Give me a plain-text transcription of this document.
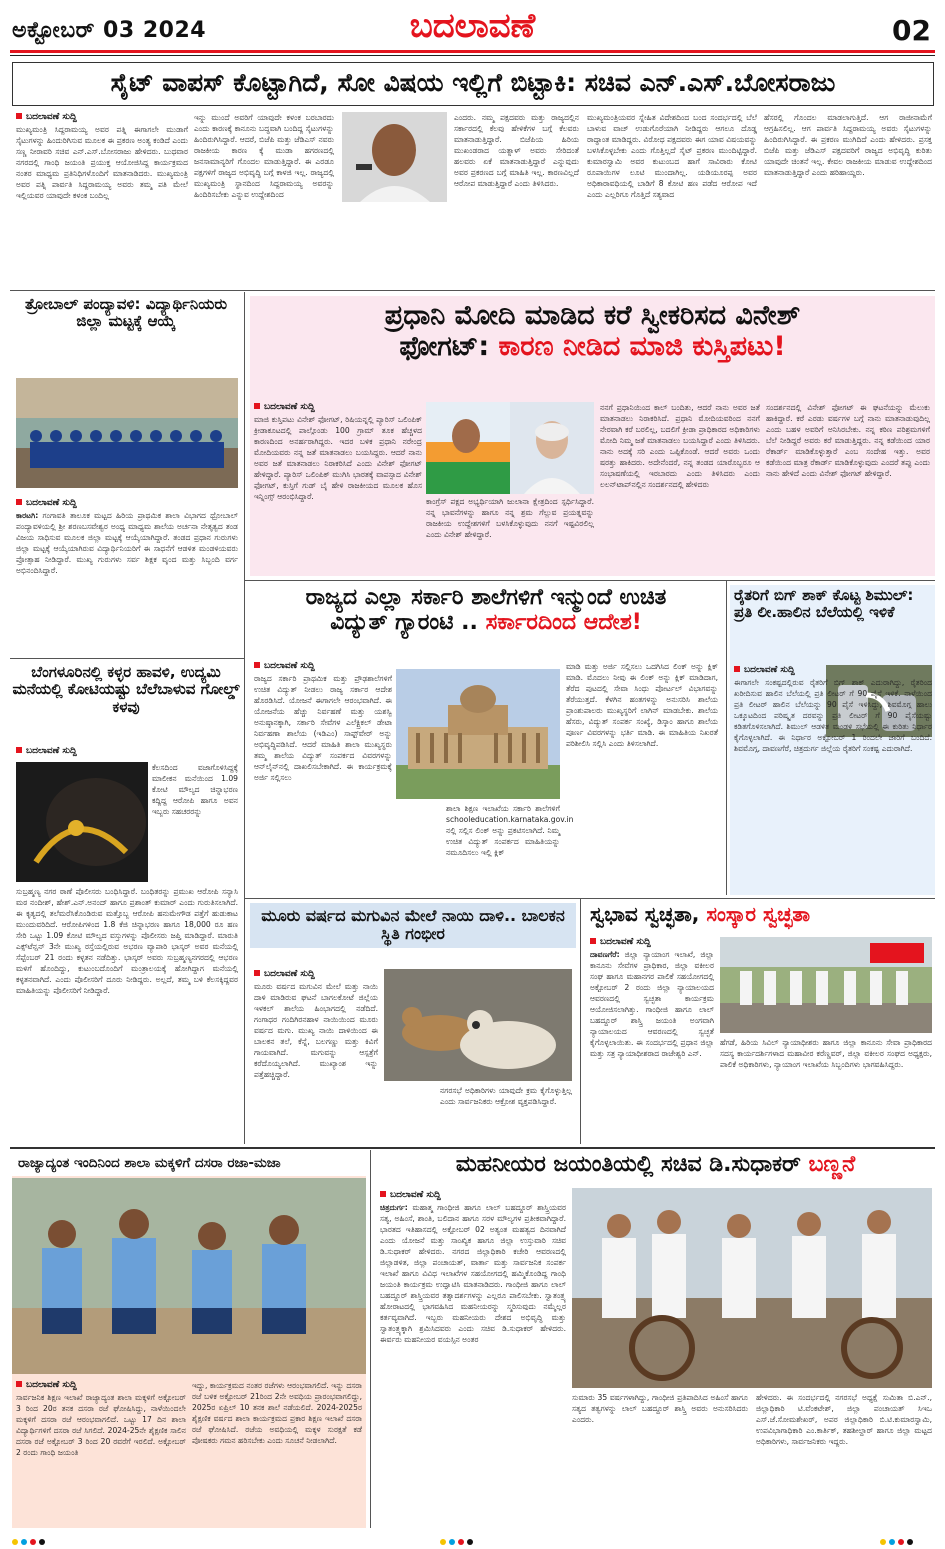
ಅಕ್ಟೋಬರ್ 03 2024	ಬದಲಾವಣೆ	02
ಸೈಟ್ ವಾಪಸ್ ಕೊಟ್ಟಾಗಿದೆ, ಸೋ ವಿಷಯ ಇಲ್ಲಿಗೆ ಬಿಟ್ಟಾಕಿ: ಸಚಿವ ಎನ್.ಎಸ್.ಬೋಸರಾಜು
ಬದಲಾವಣೆ ಸುದ್ದಿ
ಮುಖ್ಯಮಂತ್ರಿ ಸಿದ್ದರಾಮಯ್ಯ ಅವರ ಪತ್ನಿ ಈಗಾಗಲೇ ಮುಡಾಗೆ ಸೈಟುಗಳನ್ನು ಹಿಂದುರಿಗಿಸುವ ಮೂಲಕ ಈ ಪ್ರಕರಣ ಅಂತ್ಯ ಕಂಡಿದೆ ಎಂದು ಸಣ್ಣ ನೀರಾವರಿ ಸಚಿವ ಎನ್.ಎಸ್.ಬೋಸರಾಜು ಹೇಳಿದರು. ಬುಧವಾರ ನಗರದಲ್ಲಿ ಗಾಂಧಿ ಜಯಂತಿ ಪ್ರಯುಕ್ತ ಆಯೋಜಿಸಿದ್ದ ಕಾರ್ಯಕ್ರಮದ ನಂತರ ಮಾಧ್ಯಮ ಪ್ರತಿನಿಧಿಗಳೊಂದಿಗೆ ಮಾತನಾಡಿದರು. ಮುಖ್ಯಮಂತ್ರಿ ಅವರ ಪತ್ನಿ ಪಾರ್ವತಿ ಸಿದ್ದರಾಮಯ್ಯ ಅವರು ತಮ್ಮ ಪತಿ ಮೇಲೆ ಇಲ್ಲಿಯವರ ಯಾವುದೇ ಕಳಂಕ ಬಂದಿಲ್ಲ
ಇನ್ನು ಮುಂದೆ ಅವರಿಗೆ ಯಾವುದೇ ಕಳಂಕ ಬರಬಾರದು ಎಂದು ಕಾರಣಕ್ಕೆ ಕಾನೂನು ಬದ್ಧವಾಗಿ ಬಂದಿದ್ದ ಸೈಟುಗಳನ್ನು ಹಿಂದಿರುಗಿಸಿದ್ದಾರೆ. ಆದರೆ, ಬಿಜೆಪಿ ಮತ್ತು ಜೆಡಿಎಸ್ ನವರು ರಾಜಕೀಯ ಕಾರಣ ಕ್ಕೆ ಮುಡಾ ಹಗರಣದಲ್ಲಿ ಜನಸಾಮಾನ್ಯರಿಗೆ ಗೊಂದಲ ಮಾಡುತ್ತಿದ್ದಾರೆ. ಈ ಎರಡೂ ಪಕ್ಷಗಳಿಗೆ ರಾಜ್ಯದ ಅಭಿವೃದ್ಧಿ ಬಗ್ಗೆ ಕಾಳಜಿ ಇಲ್ಲ. ರಾಜ್ಯದಲ್ಲಿ ಮುಖ್ಯಮಂತ್ರಿ ಸ್ಥಾನದಿಂದ ಸಿದ್ದರಾಮಯ್ಯ ಅವರನ್ನು ಹಿಂದಿರಿಸಬೇಕು ಎನ್ನುವ ಉದ್ದೇಶದಿಂದ
ಎಂದರು. ನಮ್ಮ ಪಕ್ಷದವರು ಮತ್ತು ರಾಜ್ಯದಲ್ಲಿನ ಸರ್ಕಾರದಲ್ಲಿ ಕೆಲವು ಹೇಳಿಕೆಗಳ ಬಗ್ಗೆ ಕೆಲವರು ಮಾತನಾಡುತ್ತಿದ್ದಾರೆ. ಬಿಜೆಪಿಯ ಹಿರಿಯ ಮುಖಂಡರಾದ ಯತ್ನಾಳ್ ಅವರು ಸೇರಿದಂತೆ ಹಲವರು ಏಕೆ ಮಾತನಾಡುತ್ತಿದ್ದಾರೆ ಎನ್ನುವುದು ಅವರ ಪ್ರಕರಣದ ಬಗ್ಗೆ ಮಾಹಿತಿ ಇಲ್ಲ. ಕಾರಣವಿಲ್ಲದೆ ಆರೋಪ ಮಾಡುತ್ತಿದ್ದಾರೆ ಎಂದು ತಿಳಿಸಿದರು.
ಮುಖ್ಯಮಂತ್ರಿಯವರ ಸ್ನೇಹಿತ ವಿದೇಶದಿಂದ ಬಂದ ಸಂದರ್ಭದಲ್ಲಿ ಬೆಲೆ ಬಾಳುವ ವಾಚ್ ಉಡುಗೊರೆಯಾಗಿ ನೀಡಿದ್ದರು ಆಗಲೂ ದೊಡ್ಡ ರಾದ್ಧಾಂತ ಮಾಡಿದ್ದರು. ವಿರೋಧ ಪಕ್ಷದವರು ಈಗ ಯಾವ ವಿಷಯವನ್ನು ಬಳಸಿಕೊಳ್ಳಬೇಕು ಎಂದು ಗೊತ್ತಿಲ್ಲದೆ ಸೈಟ್ ಪ್ರಕರಣ ಮುಂದಿಟ್ಟಿದ್ದಾರೆ. ಕುಮಾರಸ್ವಾಮಿ ಅವರ ಕುಟುಂಬದ ಹಾಗೆ ಸಾವಿರಾರು ಕೋಟಿ ರೂಪಾಯಿಗಳ ಲೂಟಿ ಮುಂದಾಗಿಲ್ಲ. ಯಡಿಯೂರಪ್ಪ ಅವರ ಅಧಿಕಾರಾವಧಿಯಲ್ಲಿ ಬಾಡಿಗೆ 8 ಕೋಟಿ ಹಣ ಪಡೆದ ಆರೋಪ ಇದೆ ಎಂದು ಎಲ್ಲರಿಗೂ ಗೊತ್ತಿದೆ ಸತ್ಯವಾದ
ಹೆಸರಲ್ಲಿ ಗೊಂದಲ ಮಾಡಲಾಗುತ್ತಿದೆ. ಆಗ ರಾಜೀನಾಮೆಗೆ ಆಗ್ರಹಿಸಲಿಲ್ಲ. ಆಗ ಪಾರ್ವತಿ ಸಿದ್ದರಾಮಯ್ಯ ಅವರು ಸೈಟುಗಳನ್ನು ಹಿಂದಿರುಗಿಸಿದ್ದಾರೆ. ಈ ಪ್ರಕರಣ ಮುಗಿದಿದೆ ಎಂದು ಹೇಳಿದರು. ಪ್ರಸಕ್ತ ಬಿಜೆಪಿ ಮತ್ತು ಜೆಡಿಎಸ್ ಪಕ್ಷದವರಿಗೆ ರಾಜ್ಯದ ಅಭಿವೃದ್ಧಿ ಕುರಿತು ಯಾವುದೇ ಚಿಂತನೆ ಇಲ್ಲ. ಕೇವಲ ರಾಜಕೀಯ ಮಾಡುವ ಉದ್ದೇಶದಿಂದ ಮಾತನಾಡುತ್ತಿದ್ದಾರೆ ಎಂದು ಹರಿಹಾಯ್ದರು.
ತ್ರೋಬಾಲ್ ಪಂದ್ಯಾವಳಿ: ವಿದ್ಯಾರ್ಥಿನಿಯರು ಜಿಲ್ಲಾ ಮಟ್ಟಕ್ಕೆ ಆಯ್ಕೆ
ಬದಲಾವಣೆ ಸುದ್ದಿ
ಕಾರಟಗಿ: ಗಂಗಾವತಿ ತಾಲೂಕ ಮಟ್ಟದ ಹಿರಿಯ ಪ್ರಾಥಮಿಕ ಶಾಲಾ ವಿಭಾಗದ ಥ್ರೋಬಾಲ್ ಪಂದ್ಯಾವಳಿಯಲ್ಲಿ ಶ್ರೀ ಶರಣಬಸವೇಶ್ವರ ಅಂಧ್ಯ ಮಾಧ್ಯಮ ಶಾಲೆಯ ಅರ್ಚನಾ ನೇತೃತ್ವದ ತಂಡ ವಿಜಯ ಸಾಧಿಸುವ ಮೂಲಕ ಜಿಲ್ಲಾ ಮಟ್ಟಕ್ಕೆ ಆಯ್ಕೆಯಾಗಿದ್ದಾರೆ. ತಂಡದ ಪ್ರಧಾನ ಗುರುಗಳು ಜಿಲ್ಲಾ ಮಟ್ಟಕ್ಕೆ ಆಯ್ಕೆಯಾಗಿರುವ ವಿದ್ಯಾರ್ಥಿನಿಯರಿಗೆ ಈ ಸಾಧನೆಗೆ ಆಡಳಿತ ಮಂಡಳಿಯವರು ಪ್ರೋತ್ಸಾಹ ನೀಡಿದ್ದಾರೆ. ಮುಖ್ಯ ಗುರುಗಳು ಸರ್ವ ಶಿಕ್ಷಕ ವೃಂದ ಮತ್ತು ಸಿಬ್ಬಂದಿ ವರ್ಗ ಅಭಿನಂದಿಸಿದ್ದಾರೆ.
ಪ್ರಧಾನಿ ಮೋದಿ ಮಾಡಿದ ಕರೆ ಸ್ವೀಕರಿಸದ ವಿನೇಶ್
ಫೋಗಟ್: ಕಾರಣ ನೀಡಿದ ಮಾಜಿ ಕುಸ್ತಿಪಟು!
ಬದಲಾವಣೆ ಸುದ್ದಿ
ಮಾಜಿ ಕುಸ್ತಿಪಟು ವಿನೇಶ್ ಫೋಗಟ್, ರಿಷಿಯನ್ನಲ್ಲಿ ಪ್ಯಾರಿಸ್ ಒಲಿಂಪಿಕ್ ಕ್ರೀಡಾಕೂಟದಲ್ಲಿ ಪಾಲ್ಗೊಂಡು 100 ಗ್ರಾಮ್ ತೂಕ ಹೆಚ್ಚಳದ ಕಾರಣದಿಂದ ಅನರ್ಹರಾಗಿದ್ದರು. ಇದರ ಬಳಿಕ ಪ್ರಧಾನಿ ನರೇಂದ್ರ ಮೋದಿಯವರು ನನ್ನ ಜತೆ ಮಾತನಾಡಲು ಬಯಸಿದ್ದರು. ಆದರೆ ನಾನು ಅವರ ಜತೆ ಮಾತನಾಡಲು ನಿರಾಕರಿಸಿದೆ ಎಂದು ವಿನೇಶ್ ಫೋಗಟ್ ಹೇಳಿದ್ದಾರೆ. ಪ್ಯಾರಿಸ್ ಒಲಿಂಪಿಕ್ ಮುಗಿಸಿ ಭಾರತಕ್ಕೆ ವಾಪಸ್ಸಾದ ವಿನೇಶ್ ಫೋಗಟ್, ಕುಸ್ತಿಗೆ ಗುಡ್ ಬೈ ಹೇಳಿ ರಾಜಕೀಯದ ಮೂಲಕ ಹೊಸ ಇನ್ನಿಂಗ್ಸ್ ಆರಂಭಿಸಿದ್ದಾರೆ.
ಕಾಂಗ್ರೆಸ್ ಪಕ್ಷದ ಅಭ್ಯರ್ಥಿಯಾಗಿ ಜುಲಾನಾ ಕ್ಷೇತ್ರದಿಂದ ಸ್ಪರ್ಧಿಸಿದ್ದಾರೆ. ನನ್ನ ಭಾವನೆಗಳನ್ನು ಹಾಗೂ ನನ್ನ ಶ್ರಮ ಗೆಲ್ಲುವ ಪ್ರಯತ್ನವನ್ನು ರಾಜಕೀಯ ಉದ್ದೇಶಗಳಿಗೆ ಬಳಸಿಕೊಳ್ಳುವುದು ನನಗೆ ಇಷ್ಟವಿರಲಿಲ್ಲ ಎಂದು ವಿನೇಶ್ ಹೇಳಿದ್ದಾರೆ.
ನನಗೆ ಪ್ರಧಾನಿಯಿಂದ ಕಾಲ್ ಬಂದಿತು, ಆದರೆ ನಾನು ಅವರ ಜತೆ ಮಾತನಾಡಲು ನಿರಾಕರಿಸಿದೆ. ಪ್ರಧಾನಿ ಮೋದಿಯವರಿಂದ ನನಗೆ ನೇರವಾಗಿ ಕರೆ ಬರಲಿಲ್ಲ, ಬದಲಿಗೆ ಕ್ರೀಡಾ ಪ್ರಾಧಿಕಾರದ ಅಧಿಕಾರಿಗಳು ಮೋದಿ ನಿಮ್ಮ ಜತೆ ಮಾತನಾಡಲು ಬಯಸಿದ್ದಾರೆ ಎಂದು ತಿಳಿಸಿದರು. ನಾನು ಅದಕ್ಕೆ ಸರಿ ಎಂದು ಒಪ್ಪಿಕೊಂಡೆ. ಆದರೆ ಅವರು ಒಂದು ಷರತ್ತು ಹಾಕಿದರು. ಅದೇನೆಂದರೆ, ನನ್ನ ತಂಡದ ಯಾರೊಬ್ಬರೂ ಆ ಸಂಭಾಷಣೆಯಲ್ಲಿ ಇರಬಾರದು ಎಂದು ತಿಳಿಸಿದರು ಎಂದು ಲಲನ್‌ಟಾಪ್‌ನಲ್ಲಿನ ಸಂದರ್ಶನದಲ್ಲಿ ಹೇಳಿದರು
ಸಂದರ್ಶನದಲ್ಲಿ ವಿನೇಶ್ ಫೋಗಟ್ ಈ ಘಟನೆಯನ್ನು ಮೆಲುಕು ಹಾಕಿದ್ದಾರೆ. ಕರೆ ಎರಡು ವರ್ಷಗಳ ಬಗ್ಗೆ ನಾನು ಮಾತನಾಡುವುದಿಲ್ಲ ಎಂದು ಬಹಳ ಅವರಿಗೆ ಅನಿಸಿರಬೇಕು. ನನ್ನ ಕಠಿಣ ಪರಿಶ್ರಮಗಳಿಗೆ ಬೆಲೆ ನೀಡಿದ್ದರೆ ಅವರು ಕರೆ ಮಾಡುತ್ತಿದ್ದರು. ನನ್ನ ಕಡೆಯಿಂದ ಯಾರ ರೆಕಾರ್ಡ್ ಮಾಡಿಕೊಳ್ಳುತ್ತಾರೆ ಎಂಬ ಸಂದೇಹ ಇತ್ತು. ಅವರ ಕಡೆಯಿಂದ ಮಾತ್ರ ರೆಕಾರ್ಡ್ ಮಾಡಿಕೊಳ್ಳುವುದು ಎಂದರೆ ತಪ್ಪು ಎಂದು ನಾನು ಹೇಳಿದೆ ಎಂದು ವಿನೇಶ್ ಫೋಗಟ್ ಹೇಳಿದ್ದಾರೆ.
ರಾಜ್ಯದ ಎಲ್ಲಾ ಸರ್ಕಾರಿ ಶಾಲೆಗಳಿಗೆ ಇನ್ಮುಂದೆ ಉಚಿತ
ವಿದ್ಯುತ್ ಗ್ಯಾರಂಟಿ .. ಸರ್ಕಾರದಿಂದ ಆದೇಶ!
ಬದಲಾವಣೆ ಸುದ್ದಿ
ರಾಜ್ಯದ ಸರ್ಕಾರಿ ಪ್ರಾಥಮಿಕ ಮತ್ತು ಪ್ರೌಢಶಾಲೆಗಳಿಗೆ ಉಚಿತ ವಿದ್ಯುತ್ ನೀಡಲು ರಾಜ್ಯ ಸರ್ಕಾರ ಆದೇಶ ಹೊರಡಿಸಿದೆ. ಯೋಜನೆ ಈಗಾಗಲೇ ಆರಂಭವಾಗಿದೆ. ಈ ಯೋಜನೆಯ ಹೆಚ್ಚು ನಿರ್ವಹಣೆ ಮತ್ತು ಯಶಸ್ವಿ ಅನುಷ್ಠಾನಕ್ಕಾಗಿ, ಸರ್ಕಾರಿ ಸೇವೆಗಳ ಎಲೆಕ್ಟ್ರಿಕಲ್ ಡೇಟಾ ನಿರ್ವಹಣಾ ಶಾಲೆಯ (ಇಡಿಎಂ) ಸಾಫ್ಟ್‌ವೇರ್ ಅನ್ನು ಅಭಿವೃದ್ಧಿಪಡಿಸಿದೆ. ಆದರೆ ಮಾಹಿತಿ ಶಾಲಾ ಮುಖ್ಯಸ್ಥರು ತಮ್ಮ ಶಾಲೆಯ ವಿದ್ಯುತ್ ಸಂಪರ್ಕದ ವಿವರಗಳನ್ನು ಆನ್‌ಲೈನ್‌ನಲ್ಲಿ ದಾಖಲಿಸಬೇಕಾಗಿದೆ. ಈ ಕಾರ್ಯಕ್ರಮಕ್ಕೆ ಅರ್ಜಿ ಸಲ್ಲಿಸಲು
ಶಾಲಾ ಶಿಕ್ಷಣ ಇಲಾಖೆಯ ಸರ್ಕಾರಿ ಶಾಲೆಗಳಿಗೆ schooleducation.karnataka.gov.in ನಲ್ಲಿ ಸಲ್ಲಿಸ ಲಿಂಕ್ ಅನ್ನು ಪ್ರಕಟಿಸಲಾಗಿದೆ. ನಿಮ್ಮ ಉಚಿತ ವಿದ್ಯುತ್ ಸಂಪರ್ಕದ ಮಾಹಿತಿಯನ್ನು ನಮೂದಿಸಲು ಇಲ್ಲಿ ಕ್ಲಿಕ್
ಮಾಡಿ ಮತ್ತು ಅರ್ಜಿ ಸಲ್ಲಿಸಲು ಒದಗಿಸಿದ ಲಿಂಕ್ ಅನ್ನು ಕ್ಲಿಕ್ ಮಾಡಿ. ಮೊದಲು ನೀವು ಈ ಲಿಂಕ್ ಅನ್ನು ಕ್ಲಿಕ್ ಮಾಡಿದಾಗ, ತೆರೆದ ಪುಟದಲ್ಲಿ ಸೇವಾ ಸಿಂಧು ಪೋರ್ಟಲ್ ವಿಭಾಗವನ್ನು ತೆರೆಯುತ್ತದೆ. ಕೆಳಗಿನ ಹಂತಗಳನ್ನು ಅನುಸರಿಸಿ ಶಾಲೆಯ ಪ್ರಾಂಶುಪಾಲರು ಮುಖ್ಯಸ್ಥರಿಗೆ ಲಾಗಿನ್ ಮಾಡಬೇಕು. ಶಾಲೆಯ ಹೆಸರು, ವಿದ್ಯುತ್ ಸಂಪರ್ಕ ಸಂಖ್ಯೆ, ಡಿಸ್ಕಾಂ ಹಾಗೂ ಶಾಲೆಯ ಪೂರ್ಣ ವಿವರಗಳನ್ನು ಭರ್ತಿ ಮಾಡಿ. ಈ ಮಾಹಿತಿಯ ನಿಖರತೆ ಪರಿಶೀಲಿಸಿ ಸಲ್ಲಿಸಿ ಎಂದು ತಿಳಿಸಲಾಗಿದೆ.
ರೈತರಿಗೆ ಬಿಗ್ ಶಾಕ್ ಕೊಟ್ಟ ಶಿಮುಲ್: ಪ್ರತಿ ಲೀ.ಹಾಲಿನ ಬೆಲೆಯಲ್ಲಿ ಇಳಿಕೆ
ಬದಲಾವಣೆ ಸುದ್ದಿ
ಈಗಾಗಲೇ ಸಂಕಷ್ಟದಲ್ಲಿರುವ ರೈತರಿಗೆ ಬಿಗ್ ಶಾಕ್ ಎದುರಾಗಿದ್ದು, ರೈತರಿಂದ ಖರೀದಿಸುವ ಹಾಲಿನ ಬೆಲೆಯಲ್ಲಿ ಪ್ರತಿ ಲೀಟರ್ ಗೆ 90 ಪೈಸೆ ಇಳಿಕೆ. ನಾಳೆಯಿಂದ ಪ್ರತಿ ಲೀಟರ್ ಹಾಲಿನ ಬೆಲೆಯನ್ನು 90 ಪೈಸೆ ಇಳಿಸಿದ್ದು, ಶಿವಮೊಗ್ಗ ಹಾಲು ಒಕ್ಕೂಟದಿಂದ ಪರಿಷ್ಕೃತ ದರವನ್ನು ಪ್ರತಿ ಲೀಟರ್ ಗೆ 90 ಪೈಸೆಯಷ್ಟು ಕಡಿತಗೊಳಿಸಲಾಗಿದೆ. ಶಿಮುಲ್ ಆಡಳಿತ ಮಂಡಳಿ ಸಭೆಯಲ್ಲಿ ಈ ಕುರಿತು ನಿರ್ಧಾರ ಕೈಗೊಳ್ಳಲಾಗಿದೆ. ಈ ನಿರ್ಧಾರ ಅಕ್ಟೋಬರ್ 1 ರಿಂದಲೇ ಜಾರಿಗೆ ಬಂದಿದೆ. ಶಿವಮೊಗ್ಗ, ದಾವಣಗೆರೆ, ಚಿತ್ರದುರ್ಗ ಜಿಲ್ಲೆಯ ರೈತರಿಗೆ ಸಂಕಷ್ಟ ಎದುರಾಗಿದೆ.
ಬೆಂಗಳೂರಿನಲ್ಲಿ ಕಳ್ಳರ ಹಾವಳಿ, ಉದ್ಯಮಿ ಮನೆಯಲ್ಲಿ ಕೋಟಿಯಷ್ಟು ಬೆಲೆಬಾಳುವ ಗೋಲ್ಡ್ ಕಳವು
ಬದಲಾವಣೆ ಸುದ್ದಿ
ಕೆಲಸದಿಂದ ವಜಾಗೊಳಿಸಿದ್ದಕ್ಕೆ ಮಾಲೀಕನ ಮನೆಯಿಂದ 1.09 ಕೋಟಿ ಮೌಲ್ಯದ ಚಿನ್ನಾಭರಣ ಕದ್ದಿದ್ದ ಆರೋಪಿ ಹಾಗೂ ಅವನ ಇಬ್ಬರು ಸಹಚರರನ್ನು
ಸುಬ್ರಹ್ಮಣ್ಯ ನಗರ ಠಾಣೆ ಪೊಲೀಸರು ಬಂಧಿಸಿದ್ದಾರೆ. ಬಂಧಿತರನ್ನು ಪ್ರಮುಖ ಆರೋಪಿ ಸನ್ಯಾಸಿ ಮಠ ನಂದೀಶ್, ಹೇಶ್.ಎನ್.ಅನಂದ್ ಹಾಗೂ ಪ್ರಶಾಂತ್ ಕುಮಾರ್ ಎಂದು ಗುರುತಿಸಲಾಗಿದೆ. ಈ ಕೃತ್ಯದಲ್ಲಿ ತಲೆಮರೆಸಿಕೊಂಡಿರುವ ಮತ್ತೊಬ್ಬ ಆರೋಪಿ ಹನುಮೇಗೌಡ ಪತ್ತೆಗೆ ಹುಡುಕಾಟ ಮುಂದುವರಿದಿದೆ. ಆರೋಪಿಗಳಿಂದ 1.8 ಕೆಜಿ ಚಿನ್ನಾಭರಣ ಹಾಗೂ 18,000 ರೂ ಹಣ ಸೇರಿ ಒಟ್ಟು 1.09 ಕೋಟಿ ಮೌಲ್ಯದ ವಸ್ತುಗಳನ್ನು ಪೊಲೀಸರು ಜಪ್ತಿ ಮಾಡಿದ್ದಾರೆ. ಮಾರುತಿ ಎಕ್ಸ್‌ಟೆನ್ಷನ್ 3ನೇ ಮುಖ್ಯ ರಸ್ತೆಯಲ್ಲಿರುವ ಅಭರಣ ವ್ಯಾಪಾರಿ ಭಾಸ್ಕರ್ ಅವರ ಮನೆಯಲ್ಲಿ ಸೆಪ್ಟೆಂಬರ್ 21 ರಂದು ಕಳ್ಳತನ ನಡೆದಿತ್ತು. ಭಾಸ್ಕರ್ ಅವರು ಸುಬ್ರಹ್ಮಣ್ಯನಗರದಲ್ಲಿ ಆಭರಣ ಮಳಿಗೆ ಹೊಂದಿದ್ದು, ಕುಟುಂಬದೊಂದಿಗೆ ಮಂತ್ರಾಲಯಕ್ಕೆ ಹೋಗಿದ್ದಾಗ ಮನೆಯಲ್ಲಿ ಕಳ್ಳತನವಾಗಿದೆ. ಎಂದು ಪೊಲೀಸರಿಗೆ ದೂರು ನೀಡಿದ್ದರು. ಅಲ್ಲದೆ, ತಮ್ಮ ಬಳಿ ಕೆಲಸಕ್ಕಿದ್ದವರ ಮಾಹಿತಿಯನ್ನು ಪೊಲೀಸರಿಗೆ ನೀಡಿದ್ದಾರೆ.
ಮೂರು ವರ್ಷದ ಮಗುವಿನ ಮೇಲೆ ನಾಯಿ ದಾಳಿ.. ಬಾಲಕನ ಸ್ಥಿತಿ ಗಂಭೀರ
ಬದಲಾವಣೆ ಸುದ್ದಿ
ಮೂರು ವರ್ಷದ ಮಗುವಿನ ಮೇಲೆ ಮತ್ತು ನಾಯಿ ದಾಳಿ ಮಾಡಿರುವ ಘಟನೆ ಬಾಗಲಕೋಟೆ ಜಿಲ್ಲೆಯ ಇಳಕಲ್ ಶಾಲೆಯ ಹಿಂಭಾಗದಲ್ಲಿ ನಡೆದಿದೆ. ಗಂಗಾಧರ ಗಂದಿಗಿರನಹಾಳ ನಾಯಿಯಿಂದ ಮೂರು ವರ್ಷದ ಮಗು. ಮುಖ್ಯ ನಾಯಿ ದಾಳಿಯಿಂದ ಈ ಬಾಲಕನ ತಲೆ, ಕೆನ್ನೆ, ಬಲಗಣ್ಣು ಮತ್ತು ಕಿವಿಗೆ ಗಾಯವಾಗಿದೆ. ಮಗುವನ್ನು ಆಸ್ಪತ್ರೆಗೆ ಕರೆದೊಯ್ಯಲಾಗಿದೆ. ಮುಖ್ಯಾಂಶ ಇನ್ನು ಪತ್ತೆಹಚ್ಚಿದ್ದಾರೆ.
ನಗರಸಭೆ ಅಧಿಕಾರಿಗಳು ಯಾವುದೇ ಕ್ರಮ ಕೈಗೊಳ್ಳುತ್ತಿಲ್ಲ ಎಂದು ಸಾರ್ವಜನಿಕರು ಆಕ್ರೋಶ ವ್ಯಕ್ತಪಡಿಸಿದ್ದಾರೆ.
ಸ್ವಭಾವ ಸ್ವಚ್ಛತಾ, ಸಂಸ್ಕಾರ ಸ್ವಚ್ಛತಾ
ಬದಲಾವಣೆ ಸುದ್ದಿ
ದಾವಣಗೆರೆ: ಜಿಲ್ಲಾ ನ್ಯಾಯಾಂಗ ಇಲಾಖೆ, ಜಿಲ್ಲಾ ಕಾನೂನು ಸೇವೆಗಳ ಪ್ರಾಧಿಕಾರ, ಜಿಲ್ಲಾ ವಕೀಲರ ಸಂಘ ಹಾಗೂ ಮಹಾನಗರ ಪಾಲಿಕೆ ಸಹಯೋಗದಲ್ಲಿ ಅಕ್ಟೋಬರ್ 2 ರಂದು ಜಿಲ್ಲಾ ನ್ಯಾಯಾಲಯದ ಆವರಣದಲ್ಲಿ ಸ್ವಚ್ಛತಾ ಕಾರ್ಯಕ್ರಮ ಆಯೋಜಿಸಲಾಗಿತ್ತು. ಗಾಂಧೀಜಿ ಹಾಗೂ ಲಾಲ್ ಬಹದ್ದೂರ್ ಶಾಸ್ತ್ರಿ ಜಯಂತಿ ಅಂಗವಾಗಿ ನ್ಯಾಯಾಲಯದ ಆವರಣದಲ್ಲಿ ಸ್ವಚ್ಛತೆ ಕೈಗೊಳ್ಳಲಾಯಿತು. ಈ ಸಂದರ್ಭದಲ್ಲಿ ಪ್ರಧಾನ ಜಿಲ್ಲಾ ಮತ್ತು ಸತ್ರ ನ್ಯಾಯಾಧೀಶರಾದ ರಾಜೇಶ್ವರಿ ಎನ್.
ಹೆಗಡೆ, ಹಿರಿಯ ಸಿವಿಲ್ ನ್ಯಾಯಾಧೀಶರು ಹಾಗೂ ಜಿಲ್ಲಾ ಕಾನೂನು ಸೇವಾ ಪ್ರಾಧಿಕಾರದ ಸದಸ್ಯ ಕಾರ್ಯದರ್ಶಿಗಳಾದ ಮಹಾವೀರ ಕರೆಣ್ಣವರ್, ಜಿಲ್ಲಾ ವಕೀಲರ ಸಂಘದ ಅಧ್ಯಕ್ಷರು, ಪಾಲಿಕೆ ಅಧಿಕಾರಿಗಳು, ನ್ಯಾಯಾಂಗ ಇಲಾಖೆಯ ಸಿಬ್ಬಂದಿಗಳು ಭಾಗವಹಿಸಿದ್ದರು.
ರಾಜ್ಯಾದ್ಯಂತ ಇಂದಿನಿಂದ ಶಾಲಾ ಮಕ್ಕಳಿಗೆ ದಸರಾ ರಜಾ-ಮಜಾ
ಬದಲಾವಣೆ ಸುದ್ದಿ
ಸಾರ್ವಜನಿಕ ಶಿಕ್ಷಣ ಇಲಾಖೆ ರಾಜ್ಯಾದ್ಯಂತ ಶಾಲಾ ಮಕ್ಕಳಿಗೆ ಅಕ್ಟೋಬರ್ 3 ರಿಂದ 20ರ ತನಕ ದಸರಾ ರಜೆ ಘೋಷಿಸಿದ್ದು, ನಾಳೆಯಿಂದಲೇ ಮಕ್ಕಳಿಗೆ ದಸರಾ ರಜೆ ಆರಂಭವಾಗಲಿದೆ. ಒಟ್ಟು 17 ದಿನ ಶಾಲಾ ವಿದ್ಯಾರ್ಥಿಗಳಿಗೆ ದಸರಾ ರಜೆ ಸಿಗಲಿದೆ. 2024-25ನೇ ಶೈಕ್ಷಣಿಕ ಸಾಲಿನ ದಸರಾ ರಜೆ ಅಕ್ಟೋಬರ್ 3 ರಿಂದ 20 ರವರೆಗೆ ಇರಲಿದೆ. ಅಕ್ಟೋಬರ್ 2 ರಂದು ಗಾಂಧಿ ಜಯಂತಿ
ಇದ್ದು, ಕಾರ್ಯಕ್ರಮದ ನಂತರ ರಜೆಗಳು ಆರಂಭವಾಗಲಿದೆ. ಇನ್ನು ದಸರಾ ರಜೆ ಬಳಿಕ ಅಕ್ಟೋಬರ್ 21ರಿಂದ 2ನೇ ಅವಧಿಯ ಪ್ರಾರಂಭವಾಗಲಿದ್ದು, 2025ರ ಏಪ್ರಿಲ್ 10 ತನಕ ಶಾಲೆ ನಡೆಯಲಿದೆ. 2024-2025ರ ಶೈಕ್ಷಣಿಕ ವರ್ಷದ ಶಾಲಾ ಕಾರ್ಯಕ್ರಮದ ಪ್ರಕಾರ ಶಿಕ್ಷಣ ಇಲಾಖೆ ದಸರಾ ರಜೆ ಘೋಷಿಸಿದೆ. ರಜೆಯ ಅವಧಿಯಲ್ಲಿ ಮಕ್ಕಳ ಸುರಕ್ಷತೆ ಕಡೆ ಪೋಷಕರು ಗಮನ ಹರಿಸಬೇಕು ಎಂದು ಸೂಚನೆ ನೀಡಲಾಗಿದೆ.
ಮಹನೀಯರ ಜಯಂತಿಯಲ್ಲಿ ಸಚಿವ ಡಿ.ಸುಧಾಕರ್ ಬಣ್ಣನೆ
ಬದಲಾವಣೆ ಸುದ್ದಿ
ಚಿತ್ರದುರ್ಗ: ಮಹಾತ್ಮ ಗಾಂಧೀಜಿ ಹಾಗೂ ಲಾಲ್ ಬಹದ್ದೂರ್ ಶಾಸ್ತ್ರಿಯವರ ಸತ್ಯ, ಅಹಿಂಸೆ, ಶಾಂತಿ, ಬಲಿದಾನ ಹಾಗೂ ಸರಳ ಮೌಲ್ಯಗಳ ಪ್ರತೀಕವಾಗಿದ್ದಾರೆ. ಭಾರತದ ಇತಿಹಾಸದಲ್ಲಿ ಅಕ್ಟೋಬರ್ 02 ಅತ್ಯಂತ ಮಹತ್ವದ ದಿನವಾಗಿದೆ ಎಂದು ಯೋಜನೆ ಮತ್ತು ಸಾಂಖ್ಯಿಕ ಹಾಗೂ ಜಿಲ್ಲಾ ಉಸ್ತುವಾರಿ ಸಚಿವ ಡಿ.ಸುಧಾಕರ್ ಹೇಳಿದರು. ನಗರದ ಜಿಲ್ಲಾಧಿಕಾರಿ ಕಚೇರಿ ಆವರಣದಲ್ಲಿ ಜಿಲ್ಲಾಡಳಿತ, ಜಿಲ್ಲಾ ಪಂಚಾಯತ್, ವಾರ್ತಾ ಮತ್ತು ಸಾರ್ವಜನಿಕ ಸಂಪರ್ಕ ಇಲಾಖೆ ಹಾಗೂ ವಿವಿಧ ಇಲಾಖೆಗಳ ಸಹಯೋಗದಲ್ಲಿ ಹಮ್ಮಿಕೊಂಡಿದ್ದ ಗಾಂಧಿ ಜಯಂತಿ ಕಾರ್ಯಕ್ರಮ ಉದ್ಘಾಟಿಸಿ ಮಾತನಾಡಿದರು. ಗಾಂಧೀಜಿ ಹಾಗೂ ಲಾಲ್ ಬಹದ್ದೂರ್ ಶಾಸ್ತ್ರಿಯವರ ತತ್ವಾದರ್ಶಗಳನ್ನು ಎಲ್ಲರೂ ಪಾಲಿಸಬೇಕು. ಸ್ವಾತಂತ್ರ್ಯ ಹೋರಾಟದಲ್ಲಿ ಭಾಗವಹಿಸಿದ ಮಹನೀಯರನ್ನು ಸ್ಮರಿಸುವುದು ನಮ್ಮೆಲ್ಲರ ಕರ್ತವ್ಯವಾಗಿದೆ. ಇಬ್ಬರು ಮಹನೀಯರು ದೇಶದ ಅಭಿವೃದ್ಧಿ ಮತ್ತು ಸ್ವಾತಂತ್ರ್ಯಕ್ಕಾಗಿ ಶ್ರಮಿಸಿದವರು ಎಂದು ಸಚಿವ ಡಿ.ಸುಧಾಕರ್ ಹೇಳಿದರು. ಈರ್ವರು ಮಹನೀಯರ ವಯಸ್ಸಿನ ಅಂತರ
ಸುಮಾರು 35 ವರ್ಷಗಳಾಗಿದ್ದು, ಗಾಂಧೀಜಿ ಪ್ರತಿಪಾದಿಸಿದ ಅಹಿಂಸೆ ಹಾಗೂ ಸತ್ಯದ ತತ್ವಗಳನ್ನು ಲಾಲ್ ಬಹದ್ದೂರ್ ಶಾಸ್ತ್ರಿ ಅವರು ಅನುಸರಿಸಿದರು ಎಂದರು.
ಹೇಳಿದರು. ಈ ಸಂದರ್ಭದಲ್ಲಿ ನಗರಸಭೆ ಅಧ್ಯಕ್ಷೆ ಸುಮಿತಾ ಬಿ.ಎನ್., ಜಿಲ್ಲಾಧಿಕಾರಿ ಟಿ.ವೆಂಕಟೇಶ್, ಜಿಲ್ಲಾ ಪಂಚಾಯತ್ ಸಿಇಒ ಎಸ್.ಜೆ.ಸೋಮಶೇಖರ್, ಅಪರ ಜಿಲ್ಲಾಧಿಕಾರಿ ಬಿ.ಟಿ.ಕುಮಾರಸ್ವಾಮಿ, ಉಪವಿಭಾಗಾಧಿಕಾರಿ ಎಂ.ಕಾರ್ತಿಕ್, ತಹಶೀಲ್ದಾರ್ ಹಾಗೂ ಜಿಲ್ಲಾ ಮಟ್ಟದ ಅಧಿಕಾರಿಗಳು, ಸಾರ್ವಜನಿಕರು ಇದ್ದರು.
